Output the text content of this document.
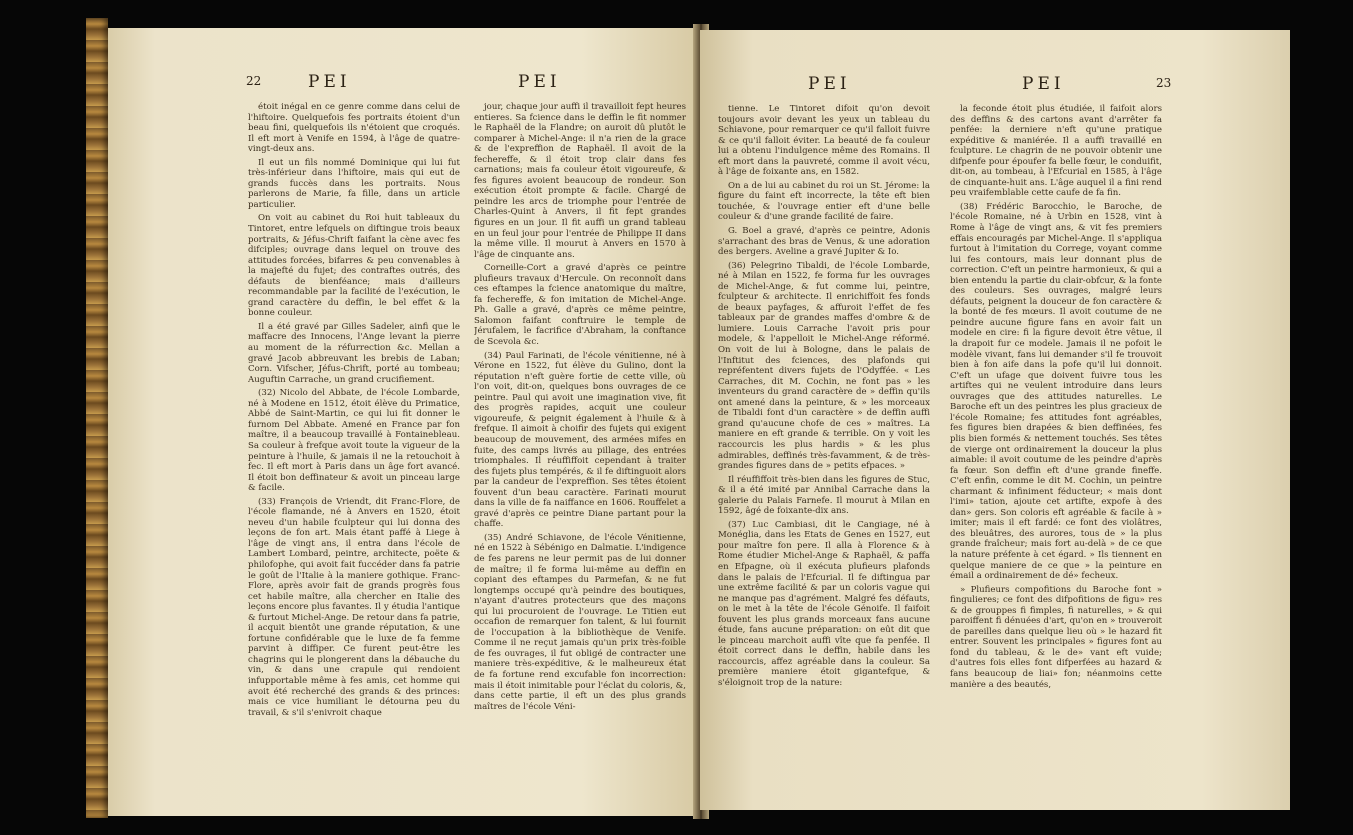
22	PEI	PEI

étoit inégal en ce genre comme dans celui de l'hiftoire. Quelquefois fes portraits étoient d'un beau fini, quelquefois ils n'étoient que croqués. Il eft mort à Venife en 1594, à l'âge de quatre-vingt-deux ans.

Il eut un fils nommé Dominique qui lui fut très-inférieur dans l'hiftoire, mais qui eut de grands fuccès dans les portraits. Nous parlerons de Marie, fa fille, dans un article particulier.

On voit au cabinet du Roi huit tableaux du Tintoret, entre lefquels on diftingue trois beaux portraits, & Jéfus-Chrift faifant la cène avec fes difciples; ouvrage dans lequel on trouve des attitudes forcées, bifarres & peu convenables à la majefté du fujet; des contraftes outrés, des défauts de bienféance; mais d'ailleurs recommandable par la facilité de l'exécution, le grand caractère du deffin, le bel effet & la bonne couleur.

Il a été gravé par Gilles Sadeler, ainfi que le maffacre des Innocens, l'Ange levant la pierre au moment de la réfurrection &c. Mellan a gravé Jacob abbreuvant les brebis de Laban; Corn. Vifscher, Jéfus-Chrift, porté au tombeau; Auguftin Carrache, un grand crucifiement.

(32) Nicolo del Abbate, de l'école Lombarde, né à Modene en 1512, étoit élève du Primatice, Abbé de Saint-Martin, ce qui lui fit donner le furnom Del Abbate. Amené en France par fon maître, il a beaucoup travaillé à Fontainebleau. Sa couleur à frefque avoit toute la vigueur de la peinture à l'huile, & jamais il ne la retouchoit à fec. Il eft mort à Paris dans un âge fort avancé. Il étoit bon deffinateur & avoit un pinceau large & facile.

(33) François de Vriendt, dit Franc-Flore, de l'école flamande, né à Anvers en 1520, étoit neveu d'un habile fculpteur qui lui donna des leçons de fon art. Mais étant paffé à Liege à l'âge de vingt ans, il entra dans l'école de Lambert Lombard, peintre, architecte, poëte & philofophe, qui avoit fait fuccéder dans fa patrie le goût de l'Italie à la maniere gothique. Franc-Flore, après avoir fait de grands progrès fous cet habile maître, alla chercher en Italie des leçons encore plus favantes. Il y étudia l'antique & furtout Michel-Ange. De retour dans fa patrie, il acquit bientôt une grande réputation, & une fortune confidérable que le luxe de fa femme parvint à diffiper. Ce furent peut-être les chagrins qui le plongerent dans la débauche du vin, & dans une crapule qui rendoient infupportable même à fes amis, cet homme qui avoit été recherché des grands & des princes: mais ce vice humiliant le détourna peu du travail, & s'il s'enivroit chaque

jour, chaque jour auffi il travailloit fept heures entieres. Sa fcience dans le deffin le fit nommer le Raphaël de la Flandre; on auroit dû plutôt le comparer à Michel-Ange: il n'a rien de la grace & de l'expreffion de Raphaël. Il avoit de la fechereffe, & il étoit trop clair dans fes carnations; mais fa couleur étoit vigoureufe, & fes figures avoient beaucoup de rondeur. Son exécution étoit prompte & facile. Chargé de peindre les arcs de triomphe pour l'entrée de Charles-Quint à Anvers, il fit fept grandes figures en un jour. Il fit auffi un grand tableau en un feul jour pour l'entrée de Philippe II dans la même ville. Il mourut à Anvers en 1570 à l'âge de cinquante ans.

Corneille-Cort a gravé d'après ce peintre plufieurs travaux d'Hercule. On reconnoît dans ces eftampes la fcience anatomique du maître, fa fechereffe, & fon imitation de Michel-Ange. Ph. Galle a gravé, d'après ce même peintre, Salomon faifant conftruire le temple de Jérufalem, le facrifice d'Abraham, la conftance de Scevola &c.

(34) Paul Farinati, de l'école vénitienne, né à Vérone en 1522, fut élève du Gulino, dont la réputation n'eft guère fortie de cette ville, où l'on voit, dit-on, quelques bons ouvrages de ce peintre. Paul qui avoit une imagination vive, fit des progrès rapides, acquit une couleur vigoureufe, & peignit également à l'huile & à frefque. Il aimoit à choifir des fujets qui exigent beaucoup de mouvement, des armées mifes en fuite, des camps livrés au pillage, des entrées triomphales. Il réuffiffoit cependant à traiter des fujets plus tempérés, & il fe diftinguoit alors par la candeur de l'expreffion. Ses têtes étoient fouvent d'un beau caractère. Farinati mourut dans la ville de fa naiffance en 1606. Rouffelet a gravé d'après ce peintre Diane partant pour la chaffe.

(35) André Schiavone, de l'école Vénitienne, né en 1522 à Sébénigo en Dalmatie. L'indigence de fes parens ne leur permit pas de lui donner de maître; il fe forma lui-même au deffin en copiant des eftampes du Parmefan, & ne fut longtemps occupé qu'à peindre des boutiques, n'ayant d'autres protecteurs que des maçons qui lui procuroient de l'ouvrage. Le Titien eut occafion de remarquer fon talent, & lui fournit de l'occupation à la bibliothèque de Venife. Comme il ne reçut jamais qu'un prix très-foible de fes ouvrages, il fut obligé de contracter une maniere très-expéditive, & le malheureux état de fa fortune rend excufable fon incorrection: mais il étoit inimitable pour l'éclat du coloris, &, dans cette partie, il eft un des plus grands maîtres de l'école Véni-

PEI	PEI	23

tienne. Le Tintoret difoit qu'on devoit toujours avoir devant les yeux un tableau du Schiavone, pour remarquer ce qu'il falloit fuivre & ce qu'il falloit éviter. La beauté de fa couleur lui a obtenu l'indulgence même des Romains. Il eft mort dans la pauvreté, comme il avoit vécu, à l'âge de foixante ans, en 1582.

On a de lui au cabinet du roi un St. Jérome: la figure du faint eft incorrecte, la tête eft bien touchée, & l'ouvrage entier eft d'une belle couleur & d'une grande facilité de faire.

G. Boel a gravé, d'après ce peintre, Adonis s'arrachant des bras de Venus, & une adoration des bergers. Aveline a gravé Jupiter & Io.

(36) Pelegrino Tibaldi, de l'école Lombarde, né à Milan en 1522, fe forma fur les ouvrages de Michel-Ange, & fut comme lui, peintre, fculpteur & architecte. Il enrichiffoit fes fonds de beaux payfages, & affuroit l'effet de fes tableaux par de grandes maffes d'ombre & de lumiere. Louis Carrache l'avoit pris pour modele, & l'appelloit le Michel-Ange réformé. On voit de lui à Bologne, dans le palais de l'Inftitut des fciences, des plafonds qui repréfentent divers fujets de l'Odyffée. « Les Carraches, dit M. Cochin, ne font pas » les inventeurs du grand caractère de » deffin qu'ils ont amené dans la peinture, & » les morceaux de Tibaldi font d'un caractère » de deffin auffi grand qu'aucune chofe de ces » maîtres. La maniere en eft grande & terrible. On y voit les raccourcis les plus hardis » & les plus admirables, deffinés très-favamment, & de très-grandes figures dans de » petits efpaces. »

Il réuffiffoit très-bien dans les figures de Stuc, & il a été imité par Annibal Carrache dans la galerie du Palais Farnefe. Il mourut à Milan en 1592, âgé de foixante-dix ans.

(37) Luc Cambiasi, dit le Cangiage, né à Monéglia, dans les Etats de Genes en 1527, eut pour maître fon pere. Il alla à Florence & à Rome étudier Michel-Ange & Raphaël, & paffa en Efpagne, où il exécuta plufieurs plafonds dans le palais de l'Efcurial. Il fe diftingua par une extrême facilité & par un coloris vague qui ne manque pas d'agrément. Malgré fes défauts, on le met à la tête de l'école Génoife. Il faifoit fouvent les plus grands morceaux fans aucune étude, fans aucune préparation: on eût dit que le pinceau marchoit auffi vîte que fa penfée. Il étoit correct dans le deffin, habile dans les raccourcis, affez agréable dans la couleur. Sa première maniere étoit gigantefque, & s'éloignoit trop de la nature:

la feconde étoit plus étudiée, il faifoit alors des deffins & des cartons avant d'arrêter fa penfée: la derniere n'eft qu'une pratique expéditive & maniérée. Il a auffi travaillé en fculpture. Le chagrin de ne pouvoir obtenir une difpenfe pour époufer fa belle fœur, le conduifit, dit-on, au tombeau, à l'Efcurial en 1585, à l'âge de cinquante-huit ans. L'âge auquel il a fini rend peu vraifemblable cette caufe de fa fin.

(38) Frédéric Barocchio, le Baroche, de l'école Romaine, né à Urbin en 1528, vint à Rome à l'âge de vingt ans, & vit fes premiers effais encouragés par Michel-Ange. Il s'appliqua furtout à l'imitation du Correge, voyant comme lui fes contours, mais leur donnant plus de correction. C'eft un peintre harmonieux, & qui a bien entendu la partie du clair-obfcur, & la fonte des couleurs. Ses ouvrages, malgré leurs défauts, peignent la douceur de fon caractère & la bonté de fes mœurs. Il avoit coutume de ne peindre aucune figure fans en avoir fait un modele en cire: fi la figure devoit être vêtue, il la drapoit fur ce modele. Jamais il ne pofoit le modèle vivant, fans lui demander s'il fe trouvoit bien à fon aife dans la pofe qu'il lui donnoit. C'eft un ufage que doivent fuivre tous les artiftes qui ne veulent introduire dans leurs ouvrages que des attitudes naturelles. Le Baroche eft un des peintres les plus gracieux de l'école Romaine; fes attitudes font agréables, fes figures bien drapées & bien deffinées, fes plis bien formés & nettement touchés. Ses têtes de vierge ont ordinairement la douceur la plus aimable: il avoit coutume de les peindre d'après fa fœur. Son deffin eft d'une grande fineffe. C'eft enfin, comme le dit M. Cochin, un peintre charmant & infiniment féducteur; « mais dont l'imi» tation, ajoute cet artifte, expofe à des dan» gers. Son coloris eft agréable & facile à » imiter; mais il eft fardé: ce font des violâtres, des bleuâtres, des aurores, tous de » la plus grande fraîcheur; mais fort au-delà » de ce que la nature préfente à cet égard. » Ils tiennent en quelque maniere de ce que » la peinture en émail a ordinairement de dé» fecheux.

» Plufieurs compofitions du Baroche font » fingulieres; ce font des difpofitions de figu» res & de grouppes fi fimples, fi naturelles, » & qui paroiffent fi dénuées d'art, qu'on en » trouveroit de pareilles dans quelque lieu où » le hazard fit entrer. Souvent les principales » figures font au fond du tableau, & le de» vant eft vuide; d'autres fois elles font difperfées au hazard & fans beaucoup de liai» fon; néanmoins cette manière a des beautés,
